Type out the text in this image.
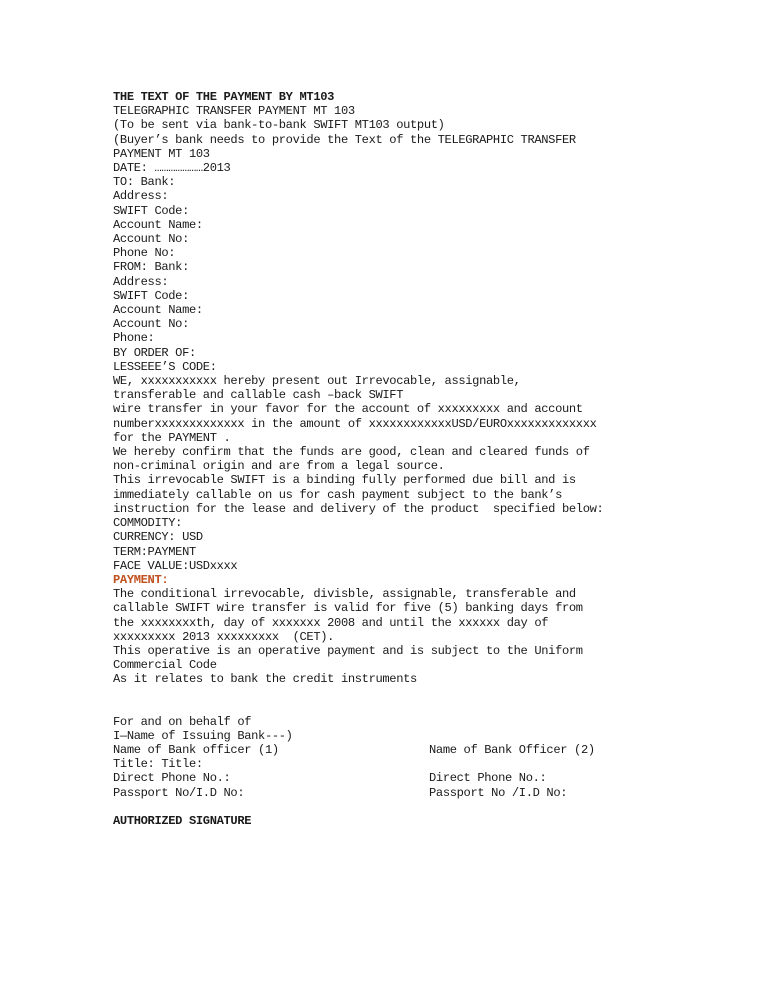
THE TEXT OF THE PAYMENT BY MT103
TELEGRAPHIC TRANSFER PAYMENT MT 103
(To be sent via bank-to-bank SWIFT MT103 output)
(Buyer’s bank needs to provide the Text of the TELEGRAPHIC TRANSFER
PAYMENT MT 103
DATE: …………………2013
TO: Bank:
Address:
SWIFT Code:
Account Name:
Account No:
Phone No:
FROM: Bank:
Address:
SWIFT Code:
Account Name:
Account No:
Phone:
BY ORDER OF:
LESSEEE’S CODE:
WE, xxxxxxxxxxx hereby present out Irrevocable, assignable,
transferable and callable cash –back SWIFT
wire transfer in your favor for the account of xxxxxxxxx and account
numberxxxxxxxxxxxxx in the amount of xxxxxxxxxxxxUSD/EUROxxxxxxxxxxxxx
for the PAYMENT .
We hereby confirm that the funds are good, clean and cleared funds of
non-criminal origin and are from a legal source.
This irrevocable SWIFT is a binding fully performed due bill and is
immediately callable on us for cash payment subject to the bank’s
instruction for the lease and delivery of the product  specified below:
COMMODITY:
CURRENCY: USD
TERM:PAYMENT
FACE VALUE:USDxxxx
PAYMENT:
The conditional irrevocable, divisble, assignable, transferable and
callable SWIFT wire transfer is valid for five (5) banking days from
the xxxxxxxxth, day of xxxxxxx 2008 and until the xxxxxx day of
xxxxxxxxx 2013 xxxxxxxxx  (CET).
This operative is an operative payment and is subject to the Uniform
Commercial Code
As it relates to bank the credit instruments
For and on behalf of
I—Name of Issuing Bank---)
Name of Bank officer (1)	Name of Bank Officer (2)
Title: Title:
Direct Phone No.:	Direct Phone No.:
Passport No/I.D No:	Passport No /I.D No:
AUTHORIZED SIGNATURE
